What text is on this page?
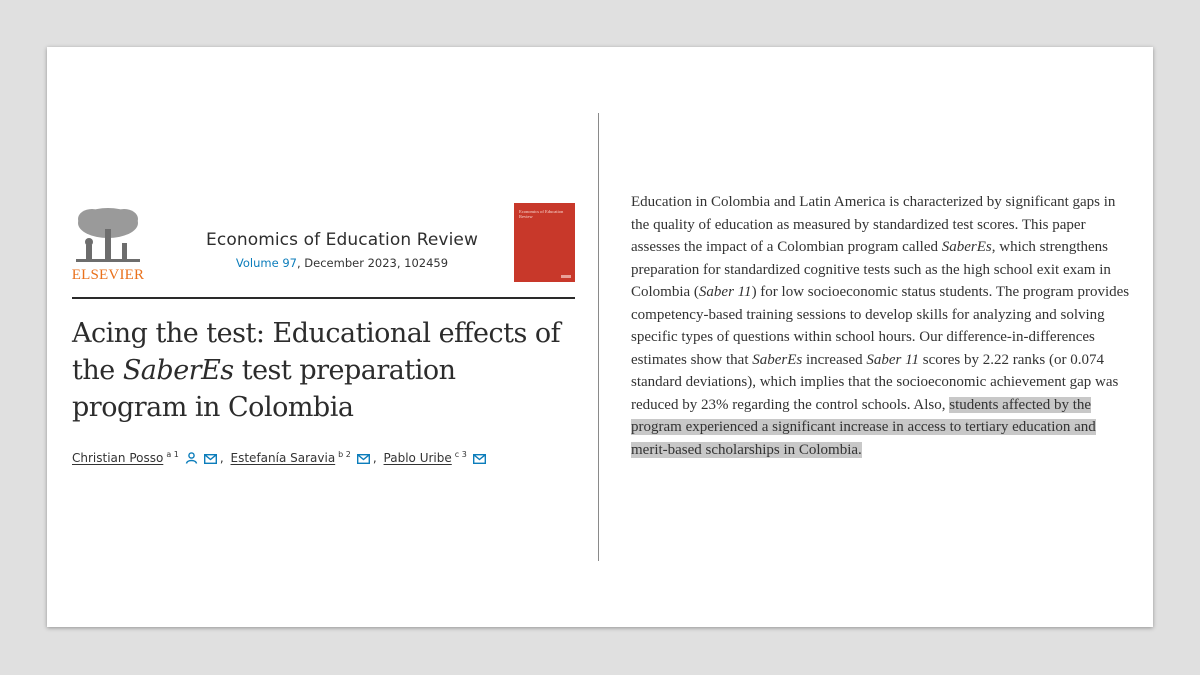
ELSEVIER
Economics of Education Review
Volume 97, December 2023, 102459
Economics of Education Review
Acing the test: Educational effects of the SaberEs test preparation program in Colombia
Christian Posso $^{a 1}$	, Estefanía Saravia $^{b 2}$ , Pablo Uribe $^{c 3}$

Education in Colombia and Latin America is characterized by significant gaps in the quality of education as measured by standardized test scores. This paper assesses the impact of a Colombian program called SaberEs, which strengthens preparation for standardized cognitive tests such as the high school exit exam in Colombia (Saber 11) for low socioeconomic status students. The program provides competency-based training sessions to develop skills for analyzing and solving specific types of questions within school hours. Our difference-in-differences estimates show that SaberEs increased Saber 11 scores by 2.22 ranks (or 0.074 standard deviations), which implies that the socioeconomic achievement gap was reduced by 23% regarding the control schools. Also, students affected by the program experienced a significant increase in access to tertiary education and merit-based scholarships in Colombia.
